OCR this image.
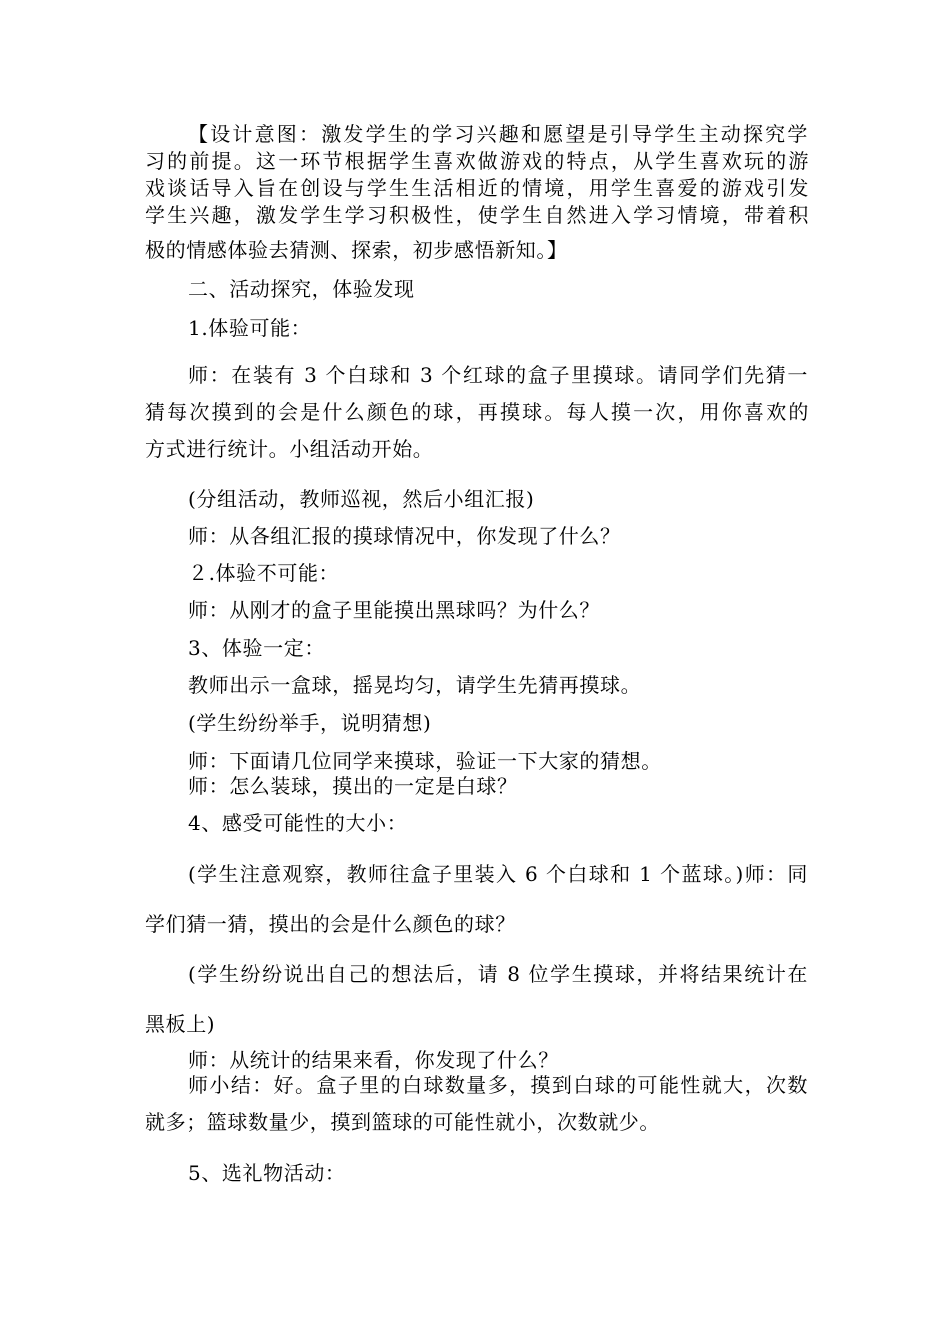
【设计意图：激发学生的学习兴趣和愿望是引导学生主动探究学
习的前提。这一环节根据学生喜欢做游戏的特点，从学生喜欢玩的游
戏谈话导入旨在创设与学生生活相近的情境，用学生喜爱的游戏引发
学生兴趣，激发学生学习积极性，使学生自然进入学习情境，带着积
极的情感体验去猜测、探索，初步感悟新知。】
二、活动探究，体验发现
1.体验可能：
师：在装有 3 个白球和 3 个红球的盒子里摸球。请同学们先猜一
猜每次摸到的会是什么颜色的球，再摸球。每人摸一次，用你喜欢的
方式进行统计。小组活动开始。
(分组活动，教师巡视，然后小组汇报)
师：从各组汇报的摸球情况中，你发现了什么？
２.体验不可能：
师：从刚才的盒子里能摸出黑球吗？为什么？
3、体验一定：
教师出示一盒球，摇晃均匀，请学生先猜再摸球。
(学生纷纷举手，说明猜想)
师：下面请几位同学来摸球，验证一下大家的猜想。
师：怎么装球，摸出的一定是白球？
4、感受可能性的大小：
(学生注意观察，教师往盒子里装入 6 个白球和 1 个蓝球。)师：同
学们猜一猜，摸出的会是什么颜色的球？
(学生纷纷说出自己的想法后，请 8 位学生摸球，并将结果统计在
黑板上)
师：从统计的结果来看，你发现了什么？
师小结：好。盒子里的白球数量多，摸到白球的可能性就大，次数
就多；篮球数量少，摸到篮球的可能性就小，次数就少。
5、选礼物活动：
